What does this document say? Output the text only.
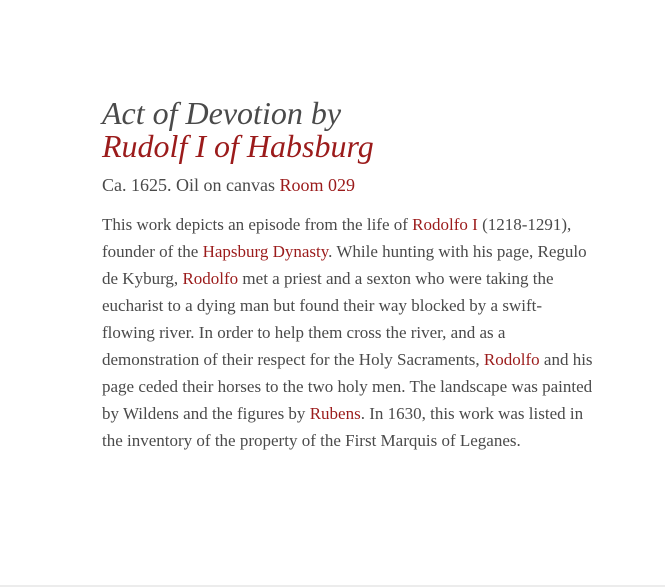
Act of Devotion by
Rudolf I of Habsburg
Ca. 1625. Oil on canvas Room 029

This work depicts an episode from the life of Rodolfo I (1218-1291), founder of the Hapsburg Dynasty. While hunting with his page, Regulo de Kyburg, Rodolfo met a priest and a sexton who were taking the eucharist to a dying man but found their way blocked by a swift-flowing river. In order to help them cross the river, and as a demonstration of their respect for the Holy Sacraments, Rodolfo and his page ceded their horses to the two holy men. The landscape was painted by Wildens and the figures by Rubens. In 1630, this work was listed in the inventory of the property of the First Marquis of Leganes.
